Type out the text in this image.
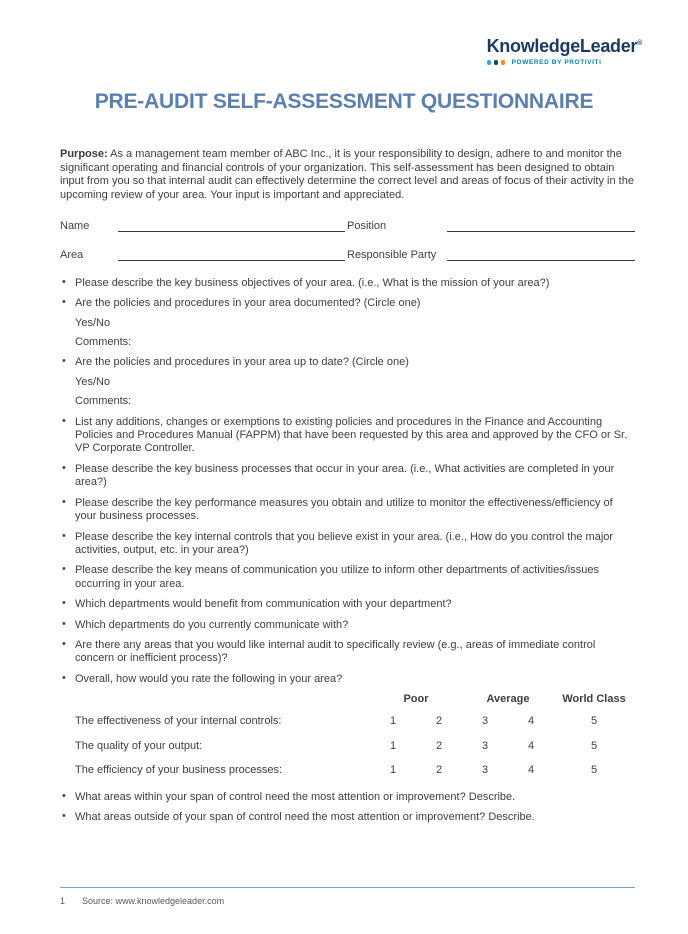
KnowledgeLeader®
POWERED BY PROTIVITI
PRE-AUDIT SELF-ASSESSMENT QUESTIONNAIRE

Purpose: As a management team member of ABC Inc., it is your responsibility to design, adhere to and monitor the significant operating and financial controls of your organization. This self-assessment has been designed to obtain input from you so that internal audit can effectively determine the correct level and areas of focus of their activity in the upcoming review of your area. Your input is important and appreciated.

Name	Position
Area	Responsible Party
• Please describe the key business objectives of your area. (i.e., What is the mission of your area?)
• Are the policies and procedures in your area documented? (Circle one)
Yes/No
Comments:
• Are the policies and procedures in your area up to date? (Circle one)
Yes/No
Comments:
• List any additions, changes or exemptions to existing policies and procedures in the Finance and Accounting Policies and Procedures Manual (FAPPM) that have been requested by this area and approved by the CFO or Sr. VP Corporate Controller.
• Please describe the key business processes that occur in your area. (i.e., What activities are completed in your area?)
• Please describe the key performance measures you obtain and utilize to monitor the effectiveness/efficiency of your business processes.
• Please describe the key internal controls that you believe exist in your area. (i.e., How do you control the major activities, output, etc. in your area?)
• Please describe the key means of communication you utilize to inform other departments of activities/issues occurring in your area.
• Which departments would benefit from communication with your department?
• Which departments do you currently communicate with?
• Are there any areas that you would like internal audit to specifically review (e.g., areas of immediate control concern or inefficient process)?
• Overall, how would you rate the following in your area?
Poor	Average	World Class
The effectiveness of your internal controls:	1	2	3	4	5
The quality of your output:	1	2	3	4	5
The efficiency of your business processes:	1	2	3	4	5
• What areas within your span of control need the most attention or improvement? Describe.
• What areas outside of your span of control need the most attention or improvement? Describe.
1	Source: www.knowledgeleader.com
